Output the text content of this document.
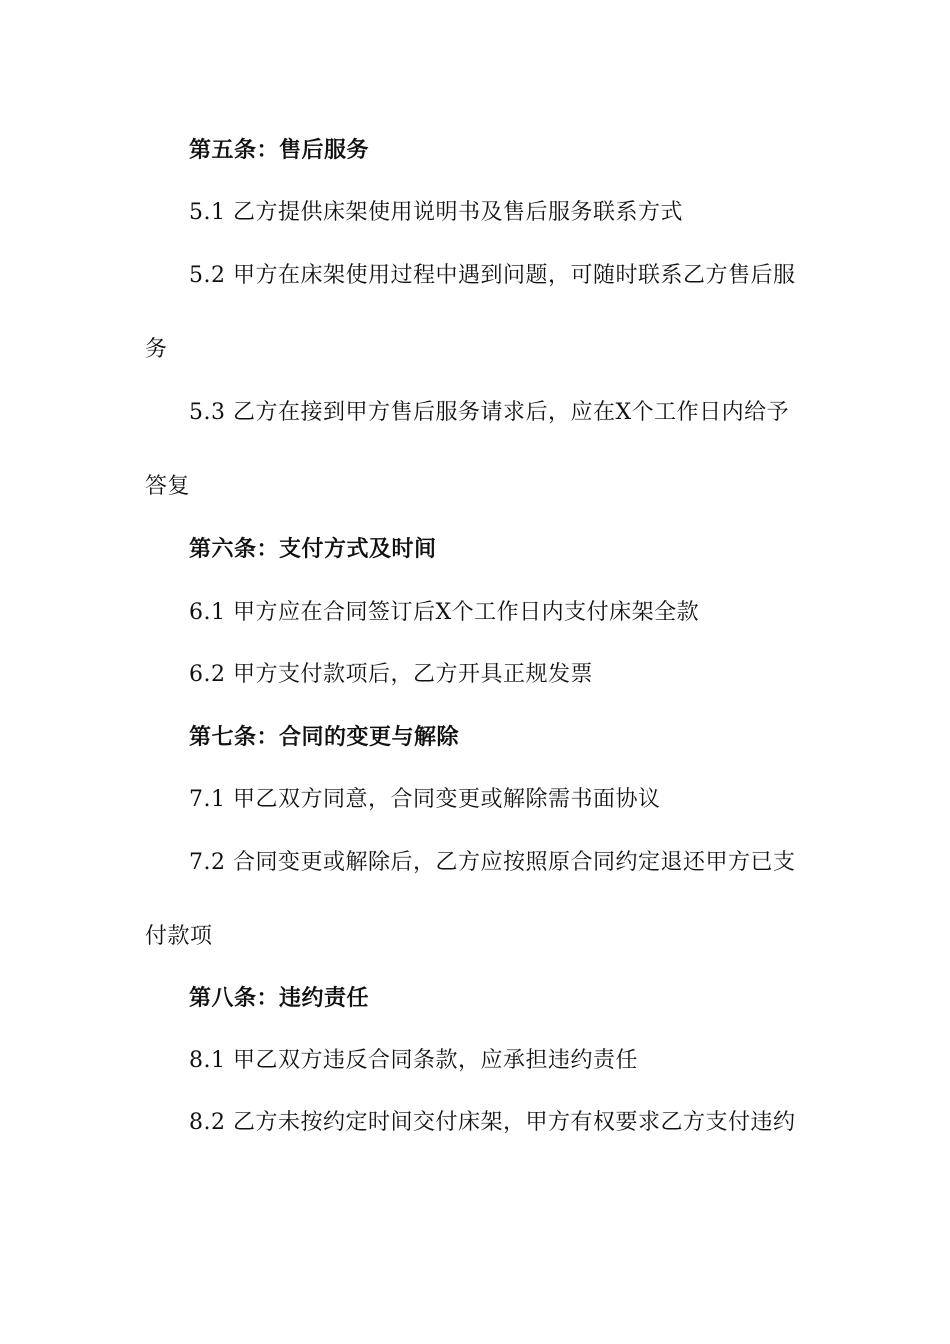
第五条：售后服务
5.1 乙方提供床架使用说明书及售后服务联系方式
5.2 甲方在床架使用过程中遇到问题，可随时联系乙方售后服
务
5.3 乙方在接到甲方售后服务请求后，应在X个工作日内给予
答复
第六条：支付方式及时间
6.1 甲方应在合同签订后X个工作日内支付床架全款
6.2 甲方支付款项后，乙方开具正规发票
第七条：合同的变更与解除
7.1 甲乙双方同意，合同变更或解除需书面协议
7.2 合同变更或解除后，乙方应按照原合同约定退还甲方已支
付款项
第八条：违约责任
8.1 甲乙双方违反合同条款，应承担违约责任
8.2 乙方未按约定时间交付床架，甲方有权要求乙方支付违约
